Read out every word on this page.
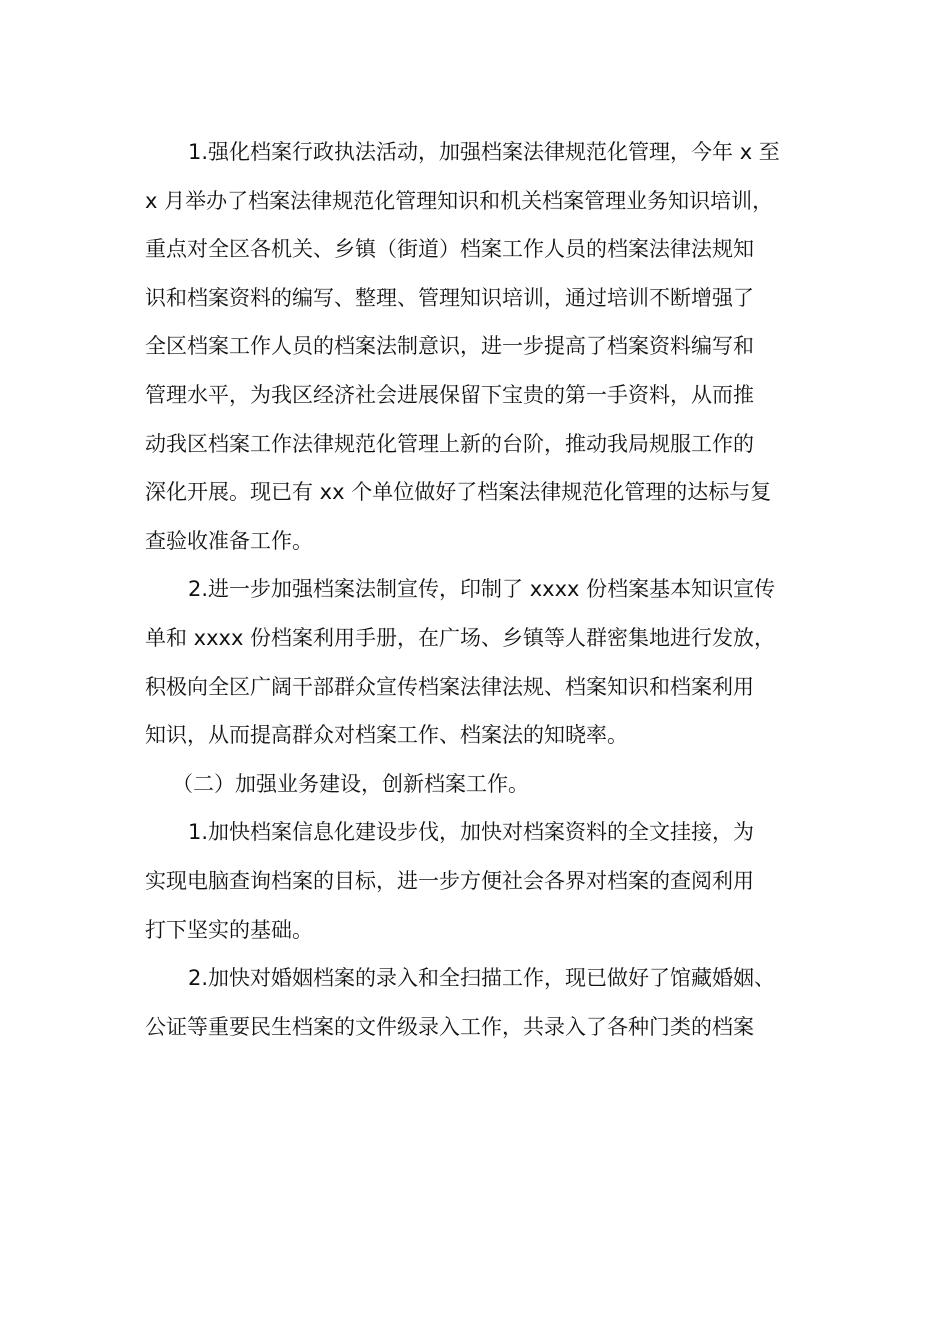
1.强化档案行政执法活动，加强档案法律规范化管理，今年 x 至
x 月举办了档案法律规范化管理知识和机关档案管理业务知识培训，
重点对全区各机关、乡镇（街道）档案工作人员的档案法律法规知
识和档案资料的编写、整理、管理知识培训，通过培训不断增强了
全区档案工作人员的档案法制意识，进一步提高了档案资料编写和
管理水平，为我区经济社会进展保留下宝贵的第一手资料，从而推
动我区档案工作法律规范化管理上新的台阶，推动我局规服工作的
深化开展。现已有 xx 个单位做好了档案法律规范化管理的达标与复
查验收准备工作。
2.进一步加强档案法制宣传，印制了 xxxx 份档案基本知识宣传
单和 xxxx 份档案利用手册，在广场、乡镇等人群密集地进行发放，
积极向全区广阔干部群众宣传档案法律法规、档案知识和档案利用
知识，从而提高群众对档案工作、档案法的知晓率。
（二）加强业务建设，创新档案工作。
1.加快档案信息化建设步伐，加快对档案资料的全文挂接，为
实现电脑查询档案的目标，进一步方便社会各界对档案的查阅利用
打下坚实的基础。
2.加快对婚姻档案的录入和全扫描工作，现已做好了馆藏婚姻、
公证等重要民生档案的文件级录入工作，共录入了各种门类的档案
